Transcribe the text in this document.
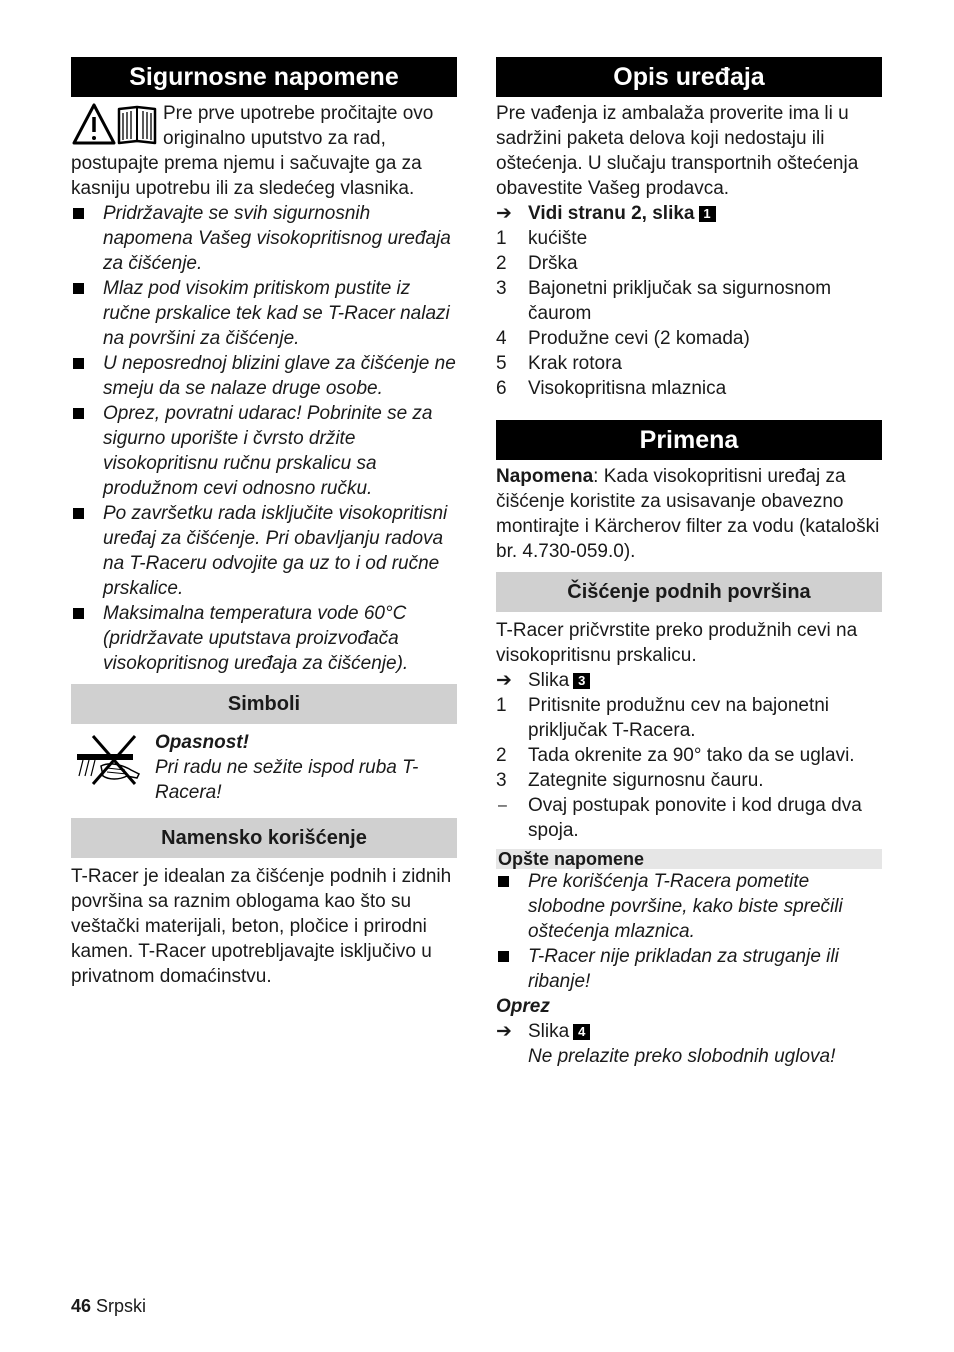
Sigurnosne napomene

Pre prve upotrebe pročitajte ovo

originalno uputstvo za rad,

postupajte prema njemu i sačuvajte ga za kasniju upotrebu ili za sledećeg vlasnika.

Pridržavajte se svih sigurnosnih napomena Vašeg visokopritisnog uređaja za čišćenje.
Mlaz pod visokim pritiskom pustite iz ručne prskalice tek kad se T-Racer nalazi na površini za čišćenje.
U neposrednoj blizini glave za čišćenje ne smeju da se nalaze druge osobe.
Oprez, povratni udarac! Pobrinite se za sigurno uporište i čvrsto držite visokopritisnu ručnu prskalicu sa produžnom cevi odnosno ručku.
Po završetku rada isključite visokopritisni uređaj za čišćenje. Pri obavljanju radova na T-Raceru odvojite ga uz to i od ručne prskalice.
Maksimalna temperatura vode 60°C (pridržavate uputstava proizvođača visokopritisnog uređaja za čišćenje).
Simboli

Opasnost!

Pri radu ne sežite ispod ruba T-Racera!

Namensko korišćenje

T-Racer je idealan za čišćenje podnih i zidnih površina sa raznim oblogama kao što su veštački materijali, beton, pločice i prirodni kamen. T-Racer upotrebljavajte isključivo u privatnom domaćinstvu.

Opis uređaja

Pre vađenja iz ambalaža proverite ima li u sadržini paketa delova koji nedostaju ili oštećenja. U slučaju transportnih oštećenja obavestite Vašeg prodavca.

➔ Vidi stranu 2, slika 1
1	kućište
2	Drška
3	Bajonetni priključak sa sigurnosnom čaurom
4	Produžne cevi (2 komada)
5	Krak rotora
6	Visokopritisna mlaznica
Primena

Napomena: Kada visokopritisni uređaj za čišćenje koristite za usisavanje obavezno montirajte i Kärcherov filter za vodu (kataloški br. 4.730-059.0).

Čišćenje podnih površina

T-Racer pričvrstite preko produžnih cevi na visokopritisnu prskalicu.

➔ Slika 3
1	Pritisnite produžnu cev na bajonetni priključak T-Racera.
2	Tada okrenite za 90° tako da se uglavi.
3	Zategnite sigurnosnu čauru.
–	Ovaj postupak ponovite i kod druga dva spoja.
Opšte napomene
Pre korišćenja T-Racera pometite slobodne površine, kako biste sprečili oštećenja mlaznica.
T-Racer nije prikladan za struganje ili ribanje!

Oprez

➔ Slika 4
Ne prelazite preko slobodnih uglova!
46 Srpski
